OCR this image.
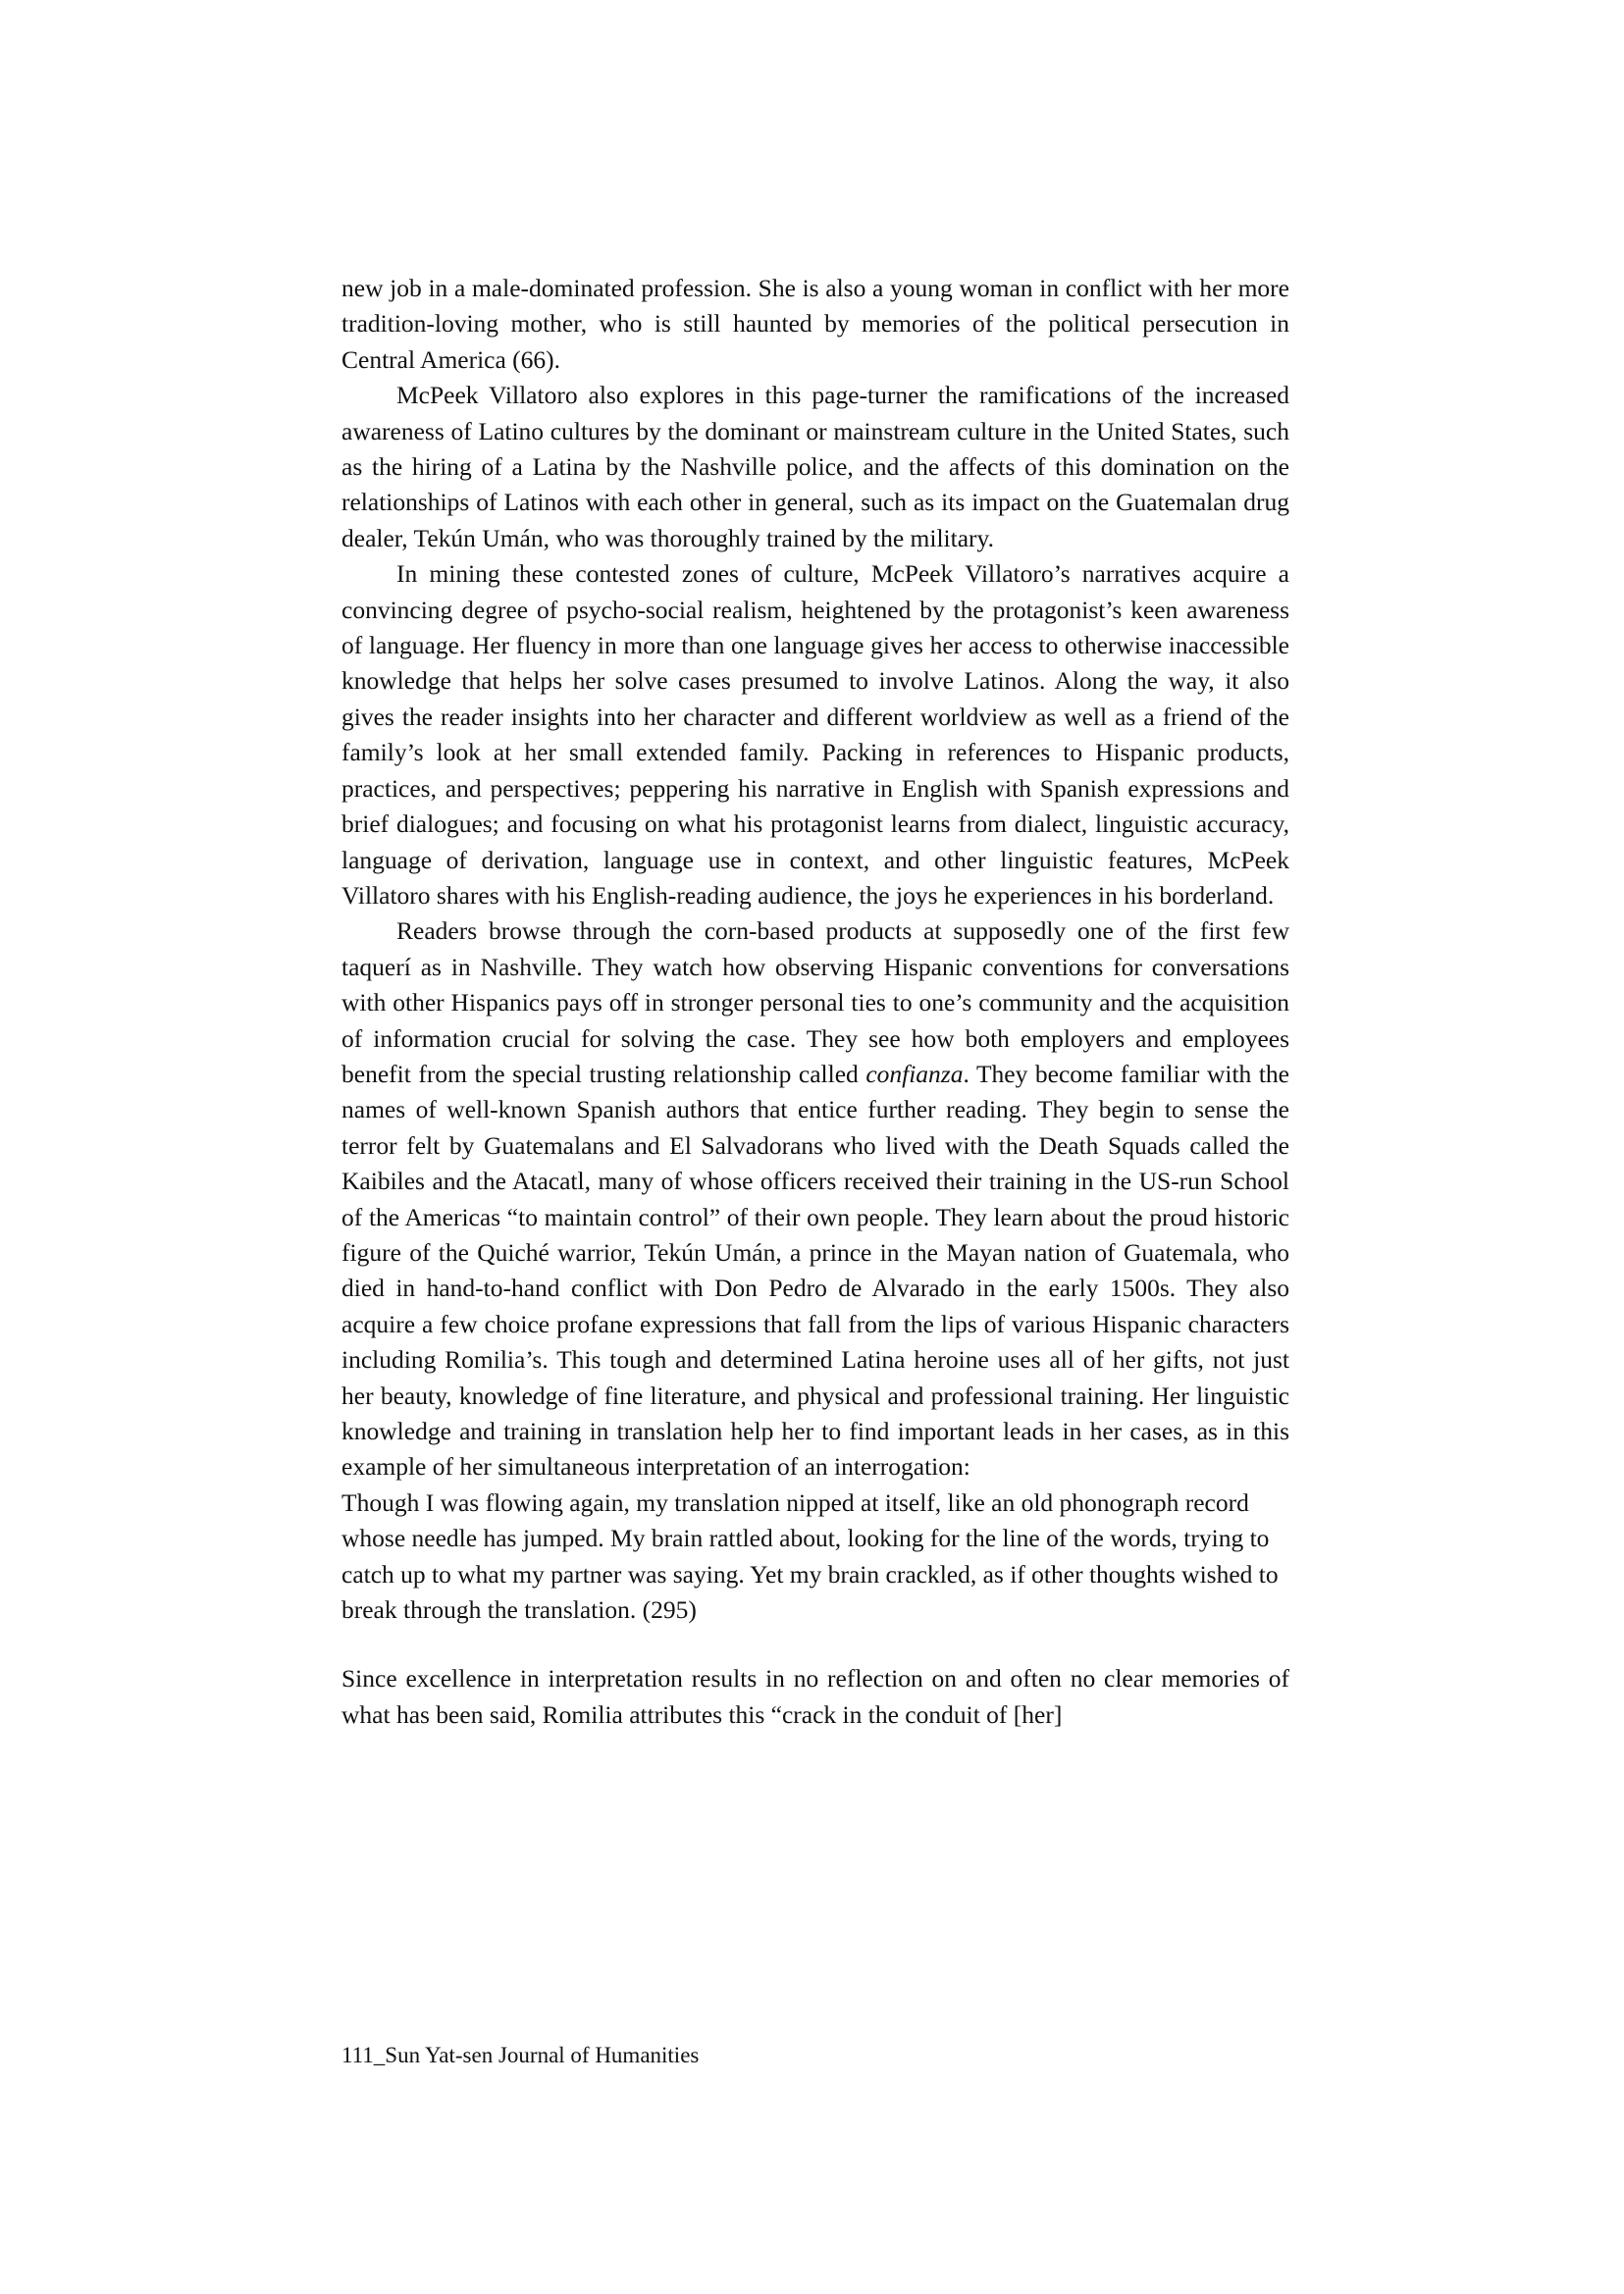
new job in a male-dominated profession. She is also a young woman in conflict with her more tradition-loving mother, who is still haunted by memories of the political persecution in Central America (66).

McPeek Villatoro also explores in this page-turner the ramifications of the increased awareness of Latino cultures by the dominant or mainstream culture in the United States, such as the hiring of a Latina by the Nashville police, and the affects of this domination on the relationships of Latinos with each other in general, such as its impact on the Guatemalan drug dealer, Tekún Umán, who was thoroughly trained by the military.

In mining these contested zones of culture, McPeek Villatoro’s narratives acquire a convincing degree of psycho-social realism, heightened by the protagonist’s keen awareness of language. Her fluency in more than one language gives her access to otherwise inaccessible knowledge that helps her solve cases presumed to involve Latinos. Along the way, it also gives the reader insights into her character and different worldview as well as a friend of the family’s look at her small extended family. Packing in references to Hispanic products, practices, and perspectives; peppering his narrative in English with Spanish expressions and brief dialogues; and focusing on what his protagonist learns from dialect, linguistic accuracy, language of derivation, language use in context, and other linguistic features, McPeek Villatoro shares with his English-reading audience, the joys he experiences in his borderland.

Readers browse through the corn-based products at supposedly one of the first few taquerí as in Nashville. They watch how observing Hispanic conventions for conversations with other Hispanics pays off in stronger personal ties to one’s community and the acquisition of information crucial for solving the case. They see how both employers and employees benefit from the special trusting relationship called confianza. They become familiar with the names of well-known Spanish authors that entice further reading. They begin to sense the terror felt by Guatemalans and El Salvadorans who lived with the Death Squads called the Kaibiles and the Atacatl, many of whose officers received their training in the US-run School of the Americas “to maintain control” of their own people. They learn about the proud historic figure of the Quiché warrior, Tekún Umán, a prince in the Mayan nation of Guatemala, who died in hand-to-hand conflict with Don Pedro de Alvarado in the early 1500s. They also acquire a few choice profane expressions that fall from the lips of various Hispanic characters including Romilia’s. This tough and determined Latina heroine uses all of her gifts, not just her beauty, knowledge of fine literature, and physical and professional training. Her linguistic knowledge and training in translation help her to find important leads in her cases, as in this example of her simultaneous interpretation of an interrogation:

Though I was flowing again, my translation nipped at itself, like an old phonograph record whose needle has jumped. My brain rattled about, looking for the line of the words, trying to catch up to what my partner was saying. Yet my brain crackled, as if other thoughts wished to break through the translation. (295)

Since excellence in interpretation results in no reflection on and often no clear memories of what has been said, Romilia attributes this “crack in the conduit of [her]

111_Sun Yat-sen Journal of Humanities
